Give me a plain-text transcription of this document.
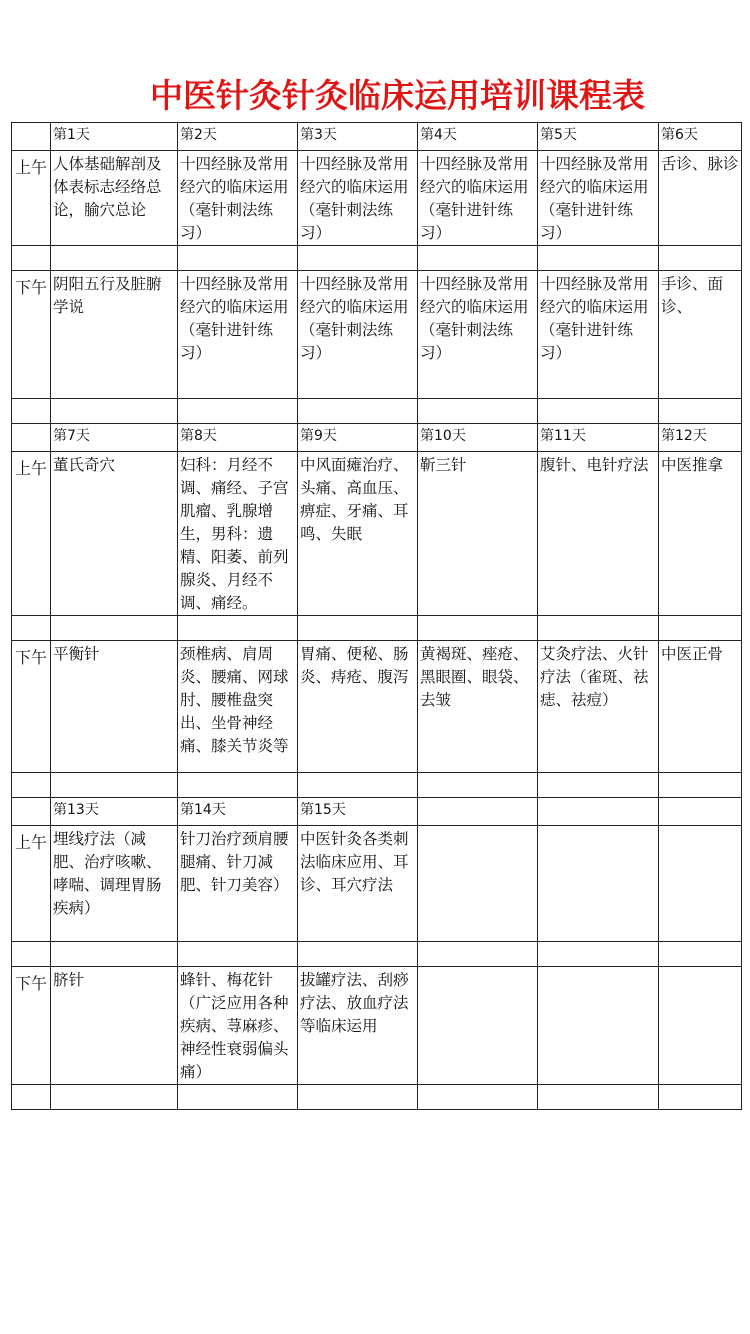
中医针灸针灸临床运用培训课程表
	第1天	第2天	第3天	第4天	第5天	第6天
上午	人体基础解剖及体表标志经络总论，腧穴总论	十四经脉及常用经穴的临床运用（毫针刺法练习）	十四经脉及常用经穴的临床运用（毫针刺法练习）	十四经脉及常用经穴的临床运用（毫针进针练习）	十四经脉及常用经穴的临床运用（毫针进针练习）	舌诊、脉诊

下午	阴阳五行及脏腑学说	十四经脉及常用经穴的临床运用（毫针进针练习）	十四经脉及常用经穴的临床运用（毫针刺法练习）	十四经脉及常用经穴的临床运用（毫针刺法练习）	十四经脉及常用经穴的临床运用（毫针进针练习）	手诊、面诊、

	第7天	第8天	第9天	第10天	第11天	第12天
上午	董氏奇穴	妇科：月经不调、痛经、子宫肌瘤、乳腺增生，男科：遗精、阳萎、前列腺炎、月经不调、痛经。	中风面瘫治疗、头痛、高血压、痹症、牙痛、耳鸣、失眠	靳三针	腹针、电针疗法	中医推拿

下午	平衡针	颈椎病、肩周炎、腰痛、网球肘、腰椎盘突出、坐骨神经痛、膝关节炎等	胃痛、便秘、肠炎、痔疮、腹泻	黄褐斑、痤疮、黑眼圈、眼袋、去皱	艾灸疗法、火针疗法（雀斑、祛痣、祛痘）	中医正骨

	第13天	第14天	第15天			
上午	埋线疗法（减肥、治疗咳嗽、哮喘、调理胃肠疾病）	针刀治疗颈肩腰腿痛、针刀减肥、针刀美容）	中医针灸各类刺法临床应用、耳诊、耳穴疗法			

下午	脐针	蜂针、梅花针（广泛应用各种疾病、荨麻疹、神经性衰弱偏头痛）	拔罐疗法、刮痧疗法、放血疗法等临床运用			
